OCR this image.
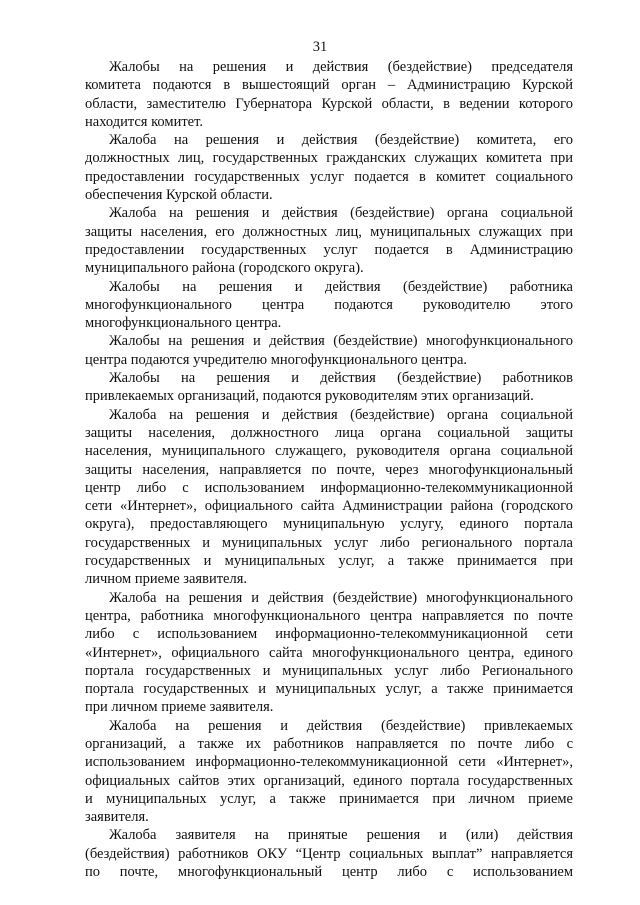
31
Жалобы на решения и действия (бездействие) председателя
комитета подаются в вышестоящий орган – Администрацию Курской
области, заместителю Губернатора Курской области, в ведении которого
находится комитет.
Жалоба на решения и действия (бездействие) комитета, его
должностных лиц, государственных гражданских служащих комитета при
предоставлении государственных услуг подается в комитет социального
обеспечения Курской области.
Жалоба на решения и действия (бездействие) органа социальной
защиты населения, его должностных лиц, муниципальных служащих при
предоставлении государственных услуг подается в Администрацию
муниципального района (городского округа).
Жалобы на решения и действия (бездействие) работника
многофункционального центра подаются руководителю этого
многофункционального центра.
Жалобы на решения и действия (бездействие) многофункционального
центра подаются учредителю многофункционального центра.
Жалобы на решения и действия (бездействие) работников
привлекаемых организаций, подаются руководителям этих организаций.
Жалоба на решения и действия (бездействие) органа социальной
защиты населения, должностного лица органа социальной защиты
населения, муниципального служащего, руководителя органа социальной
защиты населения, направляется по почте, через многофункциональный
центр либо с использованием информационно-телекоммуникационной
сети «Интернет», официального сайта Администрации района (городского
округа), предоставляющего муниципальную услугу, единого портала
государственных и муниципальных услуг либо регионального портала
государственных и муниципальных услуг, а также принимается при
личном приеме заявителя.
Жалоба на решения и действия (бездействие) многофункционального
центра, работника многофункционального центра направляется по почте
либо с использованием информационно-телекоммуникационной сети
«Интернет», официального сайта многофункционального центра, единого
портала государственных и муниципальных услуг либо Регионального
портала государственных и муниципальных услуг, а также принимается
при личном приеме заявителя.
Жалоба на решения и действия (бездействие) привлекаемых
организаций, а также их работников направляется по почте либо с
использованием информационно-телекоммуникационной сети «Интернет»,
официальных сайтов этих организаций, единого портала государственных
и муниципальных услуг, а также принимается при личном приеме
заявителя.
Жалоба заявителя на принятые решения и (или) действия
(бездействия) работников ОКУ “Центр социальных выплат” направляется
по почте, многофункциональный центр либо с использованием
